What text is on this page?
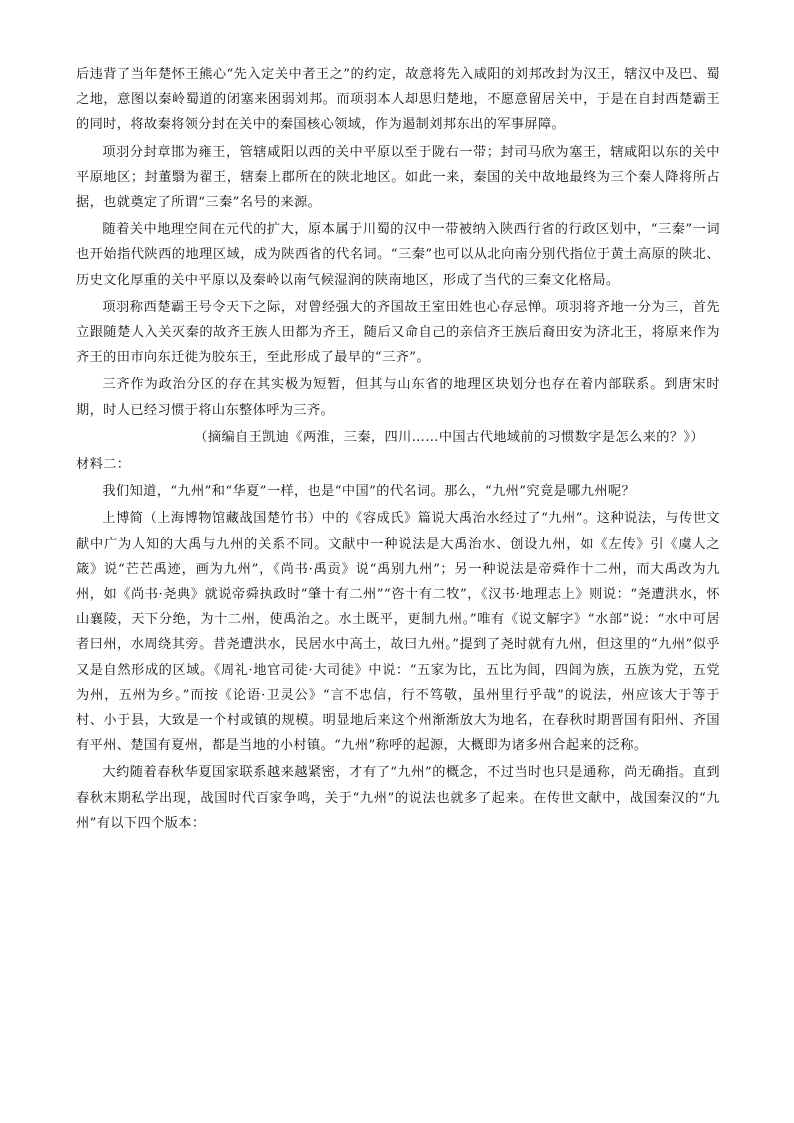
后违背了当年楚怀王熊心“先入定关中者王之”的约定，故意将先入咸阳的刘邦改封为汉王，辖汉中及巴、蜀之地，意图以秦岭蜀道的闭塞来困弱刘邦。而项羽本人却思归楚地，不愿意留居关中，于是在自封西楚霸王的同时，将故秦将领分封在关中的秦国核心领域，作为遏制刘邦东出的军事屏障。

项羽分封章邯为雍王，管辖咸阳以西的关中平原以至于陇右一带；封司马欣为塞王，辖咸阳以东的关中平原地区；封董翳为翟王，辖秦上郡所在的陕北地区。如此一来，秦国的关中故地最终为三个秦人降将所占据，也就奠定了所谓“三秦”名号的来源。

随着关中地理空间在元代的扩大，原本属于川蜀的汉中一带被纳入陕西行省的行政区划中，“三秦”一词也开始指代陕西的地理区域，成为陕西省的代名词。“三秦”也可以从北向南分别代指位于黄土高原的陕北、历史文化厚重的关中平原以及秦岭以南气候湿润的陕南地区，形成了当代的三秦文化格局。

项羽称西楚霸王号令天下之际，对曾经强大的齐国故王室田姓也心存忌惮。项羽将齐地一分为三，首先立跟随楚人入关灭秦的故齐王族人田都为齐王，随后又命自己的亲信齐王族后裔田安为济北王，将原来作为齐王的田市向东迁徙为胶东王，至此形成了最早的“三齐”。

三齐作为政治分区的存在其实极为短暂，但其与山东省的地理区块划分也存在着内部联系。到唐宋时期，时人已经习惯于将山东整体呼为三齐。

（摘编自王凯迪《两淮，三秦，四川……中国古代地域前的习惯数字是怎么来的？》）

材料二：

我们知道，“九州”和“华夏”一样，也是“中国”的代名词。那么，“九州”究竟是哪九州呢？

上博简（上海博物馆藏战国楚竹书）中的《容成氏》篇说大禹治水经过了“九州”。这种说法，与传世文献中广为人知的大禹与九州的关系不同。文献中一种说法是大禹治水、创设九州，如《左传》引《虞人之箴》说“芒芒禹迹，画为九州”，《尚书·禹贡》说“禹别九州”；另一种说法是帝舜作十二州，而大禹改为九州，如《尚书·尧典》就说帝舜执政时“肇十有二州”“咨十有二牧”，《汉书·地理志上》则说：“尧遭洪水，怀山襄陵，天下分绝，为十二州，使禹治之。水土既平，更制九州。”唯有《说文解字》“水部”说：“水中可居者曰州，水周绕其旁。昔尧遭洪水，民居水中高土，故曰九州。”提到了尧时就有九州，但这里的“九州”似乎又是自然形成的区域。《周礼·地官司徒·大司徒》中说：“五家为比，五比为闾，四闾为族，五族为党，五党为州，五州为乡。”而按《论语·卫灵公》“言不忠信，行不笃敬，虽州里行乎哉”的说法，州应该大于等于村、小于县，大致是一个村或镇的规模。明显地后来这个州渐渐放大为地名，在春秋时期晋国有阳州、齐国有平州、楚国有夏州，都是当地的小村镇。“九州”称呼的起源，大概即为诸多州合起来的泛称。

大约随着春秋华夏国家联系越来越紧密，才有了“九州”的概念，不过当时也只是通称，尚无确指。直到春秋末期私学出现，战国时代百家争鸣，关于“九州”的说法也就多了起来。在传世文献中，战国秦汉的“九州”有以下四个版本：
